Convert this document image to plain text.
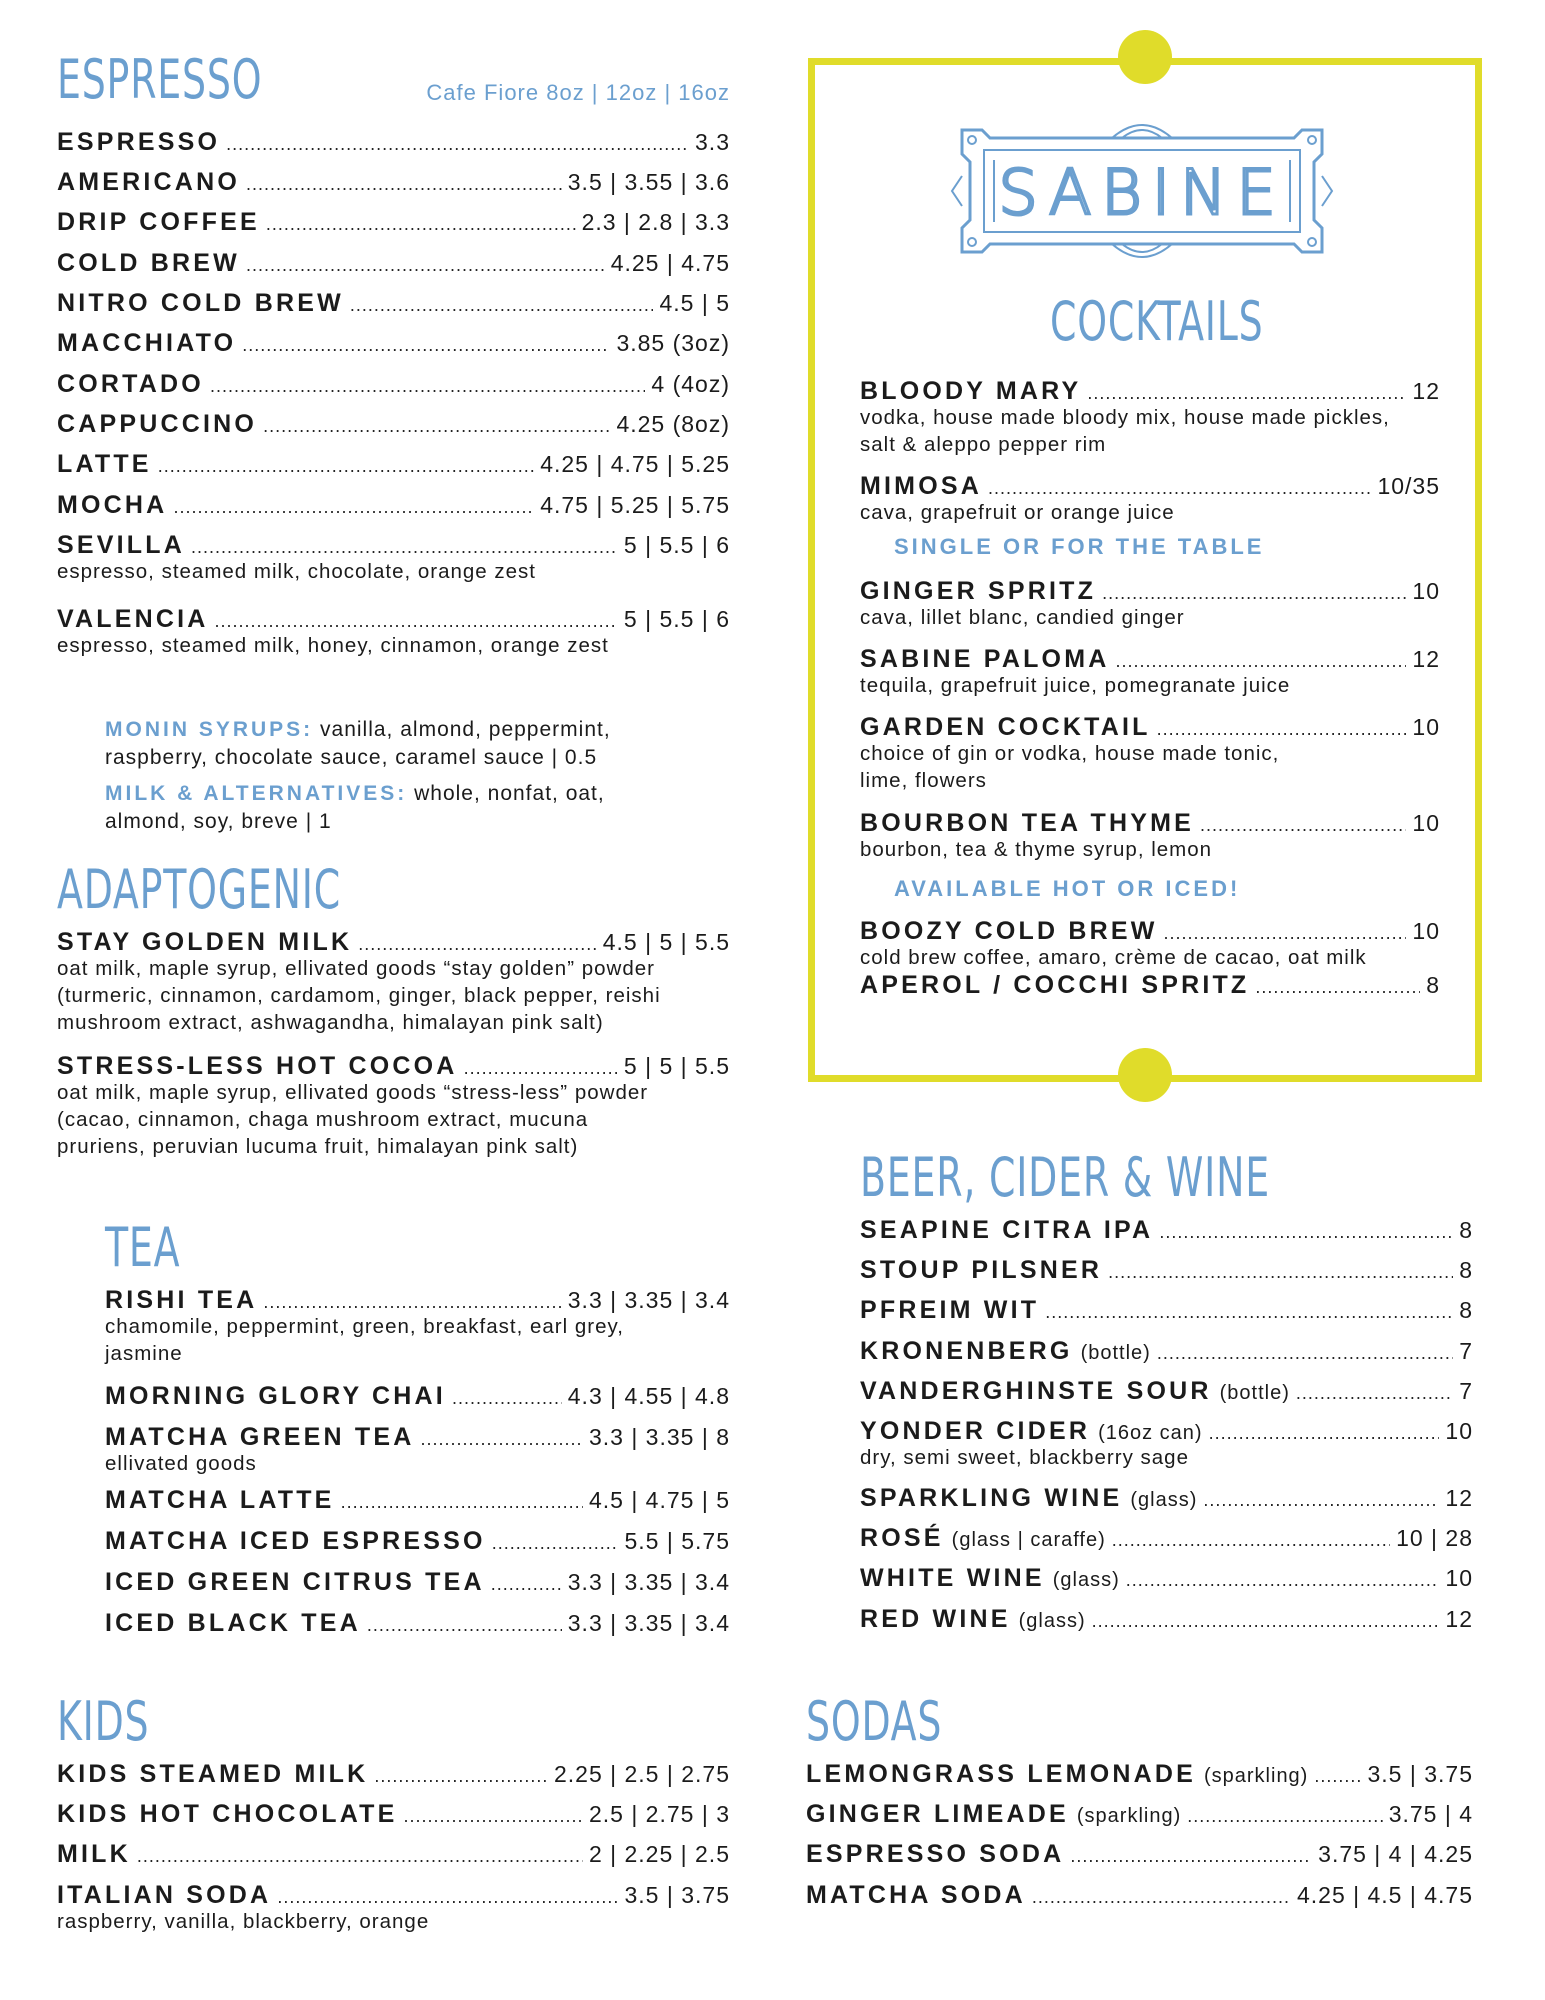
ESPRESSO	Cafe Fiore 8oz | 12oz | 16oz
ESPRESSO .....	3.3
AMERICANO .....	3.5 | 3.55 | 3.6
DRIP COFFEE .....	2.3 | 2.8 | 3.3
COLD BREW .....	4.25 | 4.75
NITRO COLD BREW .....	4.5 | 5
MACCHIATO .....	3.85 (3oz)
CORTADO .....	4 (4oz)
CAPPUCCINO .....	4.25 (8oz)
LATTE .....	4.25 | 4.75 | 5.25
MOCHA .....	4.75 | 5.25 | 5.75
SEVILLA .....	5 | 5.5 | 6
espresso, steamed milk, chocolate, orange zest
VALENCIA .....	5 | 5.5 | 6
espresso, steamed milk, honey, cinnamon, orange zest

MONIN SYRUPS: vanilla, almond, peppermint,
raspberry, chocolate sauce, caramel sauce | 0.5

MILK & ALTERNATIVES: whole, nonfat, oat,
almond, soy, breve | 1

ADAPTOGENIC
STAY GOLDEN MILK .....	4.5 | 5 | 5.5
oat milk, maple syrup, ellivated goods “stay golden” powder
(turmeric, cinnamon, cardamom, ginger, black pepper, reishi
mushroom extract, ashwagandha, himalayan pink salt)
STRESS-LESS HOT COCOA .....	5 | 5 | 5.5
oat milk, maple syrup, ellivated goods “stress-less” powder
(cacao, cinnamon, chaga mushroom extract, mucuna
pruriens, peruvian lucuma fruit, himalayan pink salt)
TEA
RISHI TEA .....	3.3 | 3.35 | 3.4
chamomile, peppermint, green, breakfast, earl grey,
jasmine
MORNING GLORY CHAI .....	4.3 | 4.55 | 4.8
MATCHA GREEN TEA .....	3.3 | 3.35 | 8
ellivated goods
MATCHA LATTE .....	4.5 | 4.75 | 5
MATCHA ICED ESPRESSO .....	5.5 | 5.75
ICED GREEN CITRUS TEA .....	3.3 | 3.35 | 3.4
ICED BLACK TEA .....	3.3 | 3.35 | 3.4
KIDS
KIDS STEAMED MILK .....	2.25 | 2.5 | 2.75
KIDS HOT CHOCOLATE .....	2.5 | 2.75 | 3
MILK .....	2 | 2.25 | 2.5
ITALIAN SODA .....	3.5 | 3.75
raspberry, vanilla, blackberry, orange
SABINE
COCKTAILS
BLOODY MARY .....	12
vodka, house made bloody mix, house made pickles,
salt & aleppo pepper rim
MIMOSA .....	10/35
cava, grapefruit or orange juice
GINGER SPRITZ .....	10
cava, lillet blanc, candied ginger
SABINE PALOMA .....	12
tequila, grapefruit juice, pomegranate juice
GARDEN COCKTAIL .....	10
choice of gin or vodka, house made tonic,
lime, flowers
BOURBON TEA THYME .....	10
bourbon, tea & thyme syrup, lemon
BOOZY COLD BREW .....	10
cold brew coffee, amaro, crème de cacao, oat milk
APEROL / COCCHI SPRITZ .....	8
SINGLE OR FOR THE TABLE
AVAILABLE HOT OR ICED!
BEER, CIDER & WINE
SEAPINE CITRA IPA .....	8
STOUP PILSNER .....	8
PFREIM WIT .....	8
KRONENBERG (bottle) .....	7
VANDERGHINSTE SOUR (bottle) .....	7
YONDER CIDER (16oz can) .....	10
dry, semi sweet, blackberry sage
SPARKLING WINE (glass) .....	12
ROSÉ (glass | caraffe) .....	10 | 28
WHITE WINE (glass) .....	10
RED WINE (glass) .....	12
SODAS
LEMONGRASS LEMONADE (sparkling) .....	3.5 | 3.75
GINGER LIMEADE (sparkling) .....	3.75 | 4
ESPRESSO SODA .....	3.75 | 4 | 4.25
MATCHA SODA .....	4.25 | 4.5 | 4.75
